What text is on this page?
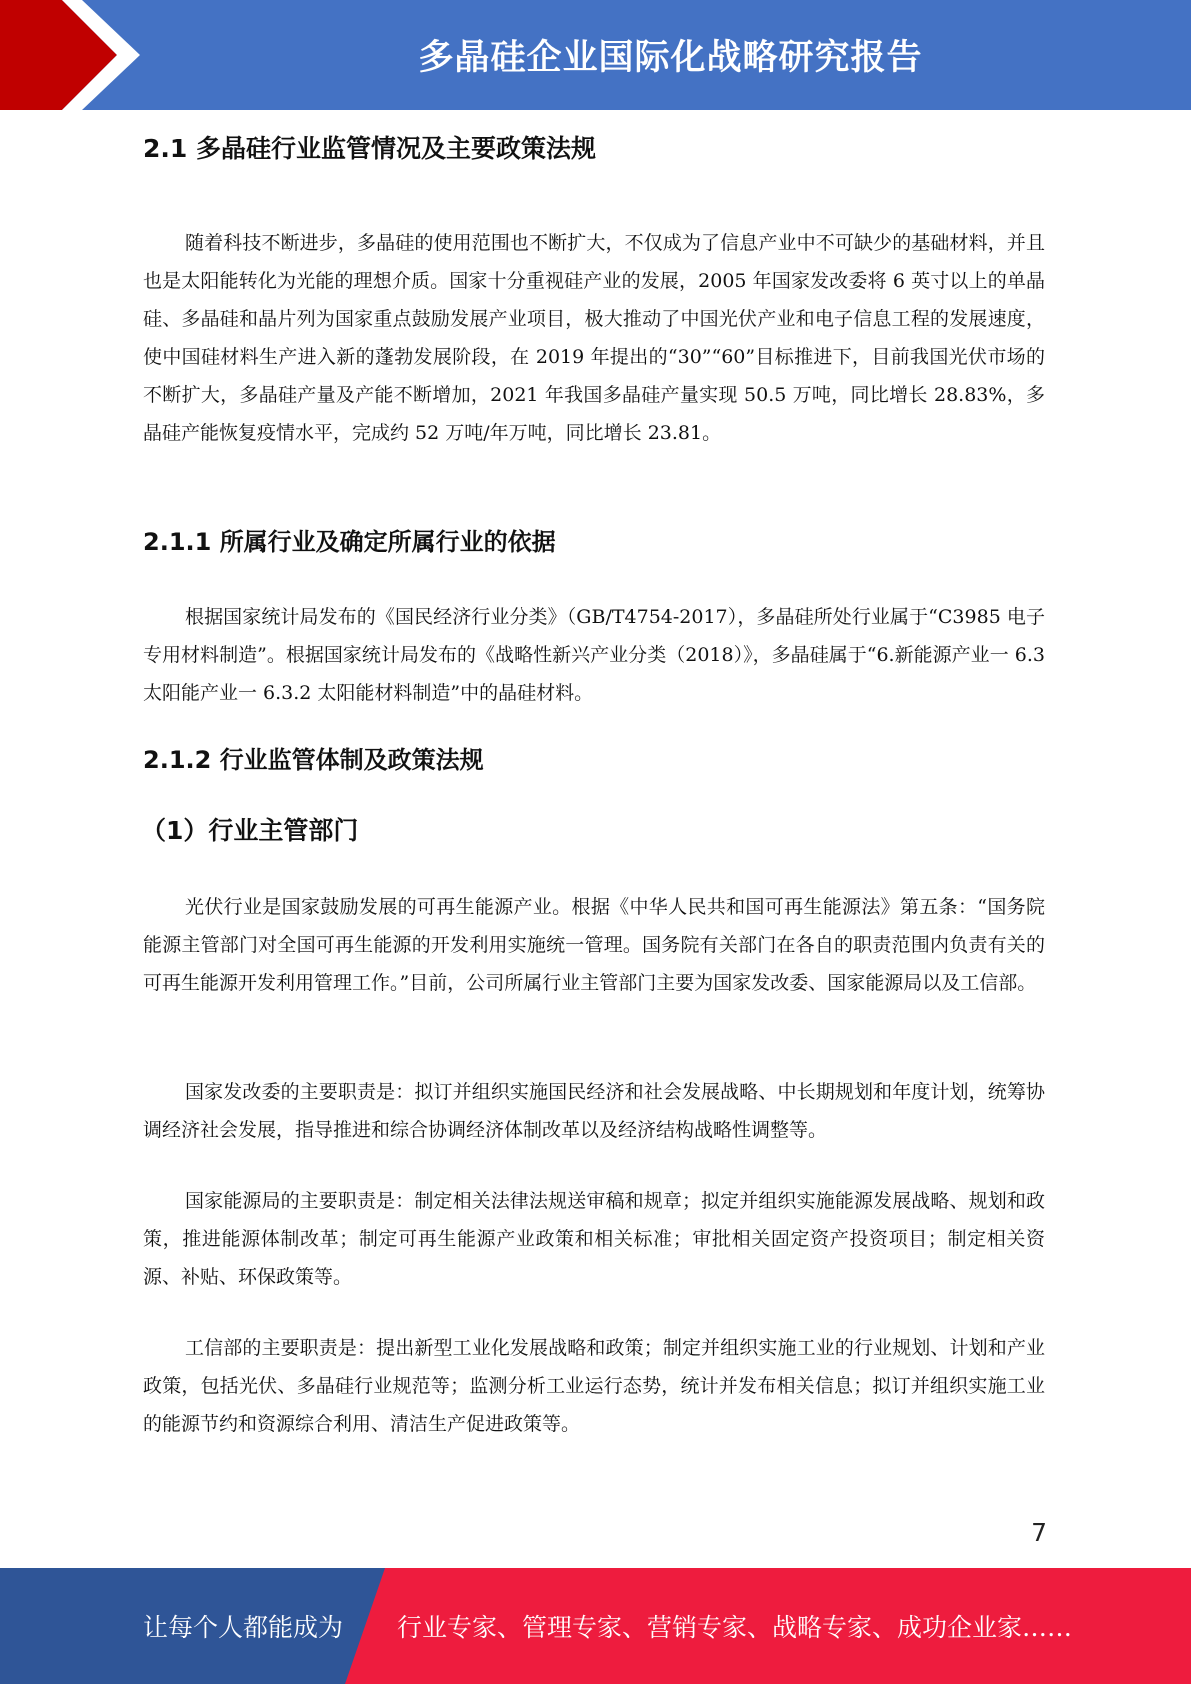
多晶硅企业国际化战略研究报告
2.1 多晶硅行业监管情况及主要政策法规

随着科技不断进步，多晶硅的使用范围也不断扩大，不仅成为了信息产业中不可缺少的基础材料，并且也是太阳能转化为光能的理想介质。国家十分重视硅产业的发展，2005 年国家发改委将 6 英寸以上的单晶硅、多晶硅和晶片列为国家重点鼓励发展产业项目，极大推动了中国光伏产业和电子信息工程的发展速度，使中国硅材料生产进入新的蓬勃发展阶段，在 2019 年提出的“30”“60”目标推进下，目前我国光伏市场的不断扩大，多晶硅产量及产能不断增加，2021 年我国多晶硅产量实现 50.5 万吨，同比增长 28.83%，多晶硅产能恢复疫情水平，完成约 52 万吨/年万吨，同比增长 23.81。

2.1.1 所属行业及确定所属行业的依据

根据国家统计局发布的《国民经济行业分类》（GB/T4754-2017），多晶硅所处行业属于“C3985 电子专用材料制造”。根据国家统计局发布的《战略性新兴产业分类（2018）》，多晶硅属于“6.新能源产业一 6.3 太阳能产业一 6.3.2 太阳能材料制造”中的晶硅材料。

2.1.2 行业监管体制及政策法规
（1）行业主管部门

光伏行业是国家鼓励发展的可再生能源产业。根据《中华人民共和国可再生能源法》第五条：“国务院能源主管部门对全国可再生能源的开发利用实施统一管理。国务院有关部门在各自的职责范围内负责有关的可再生能源开发利用管理工作。”目前，公司所属行业主管部门主要为国家发改委、国家能源局以及工信部。

国家发改委的主要职责是：拟订并组织实施国民经济和社会发展战略、中长期规划和年度计划，统筹协调经济社会发展，指导推进和综合协调经济体制改革以及经济结构战略性调整等。

国家能源局的主要职责是：制定相关法律法规送审稿和规章；拟定并组织实施能源发展战略、规划和政策，推进能源体制改革；制定可再生能源产业政策和相关标准；审批相关固定资产投资项目；制定相关资源、补贴、环保政策等。

工信部的主要职责是：提出新型工业化发展战略和政策；制定并组织实施工业的行业规划、计划和产业政策，包括光伏、多晶硅行业规范等；监测分析工业运行态势，统计并发布相关信息；拟订并组织实施工业的能源节约和资源综合利用、清洁生产促进政策等。

7
让每个人都能成为 行业专家、管理专家、营销专家、战略专家、成功企业家……
